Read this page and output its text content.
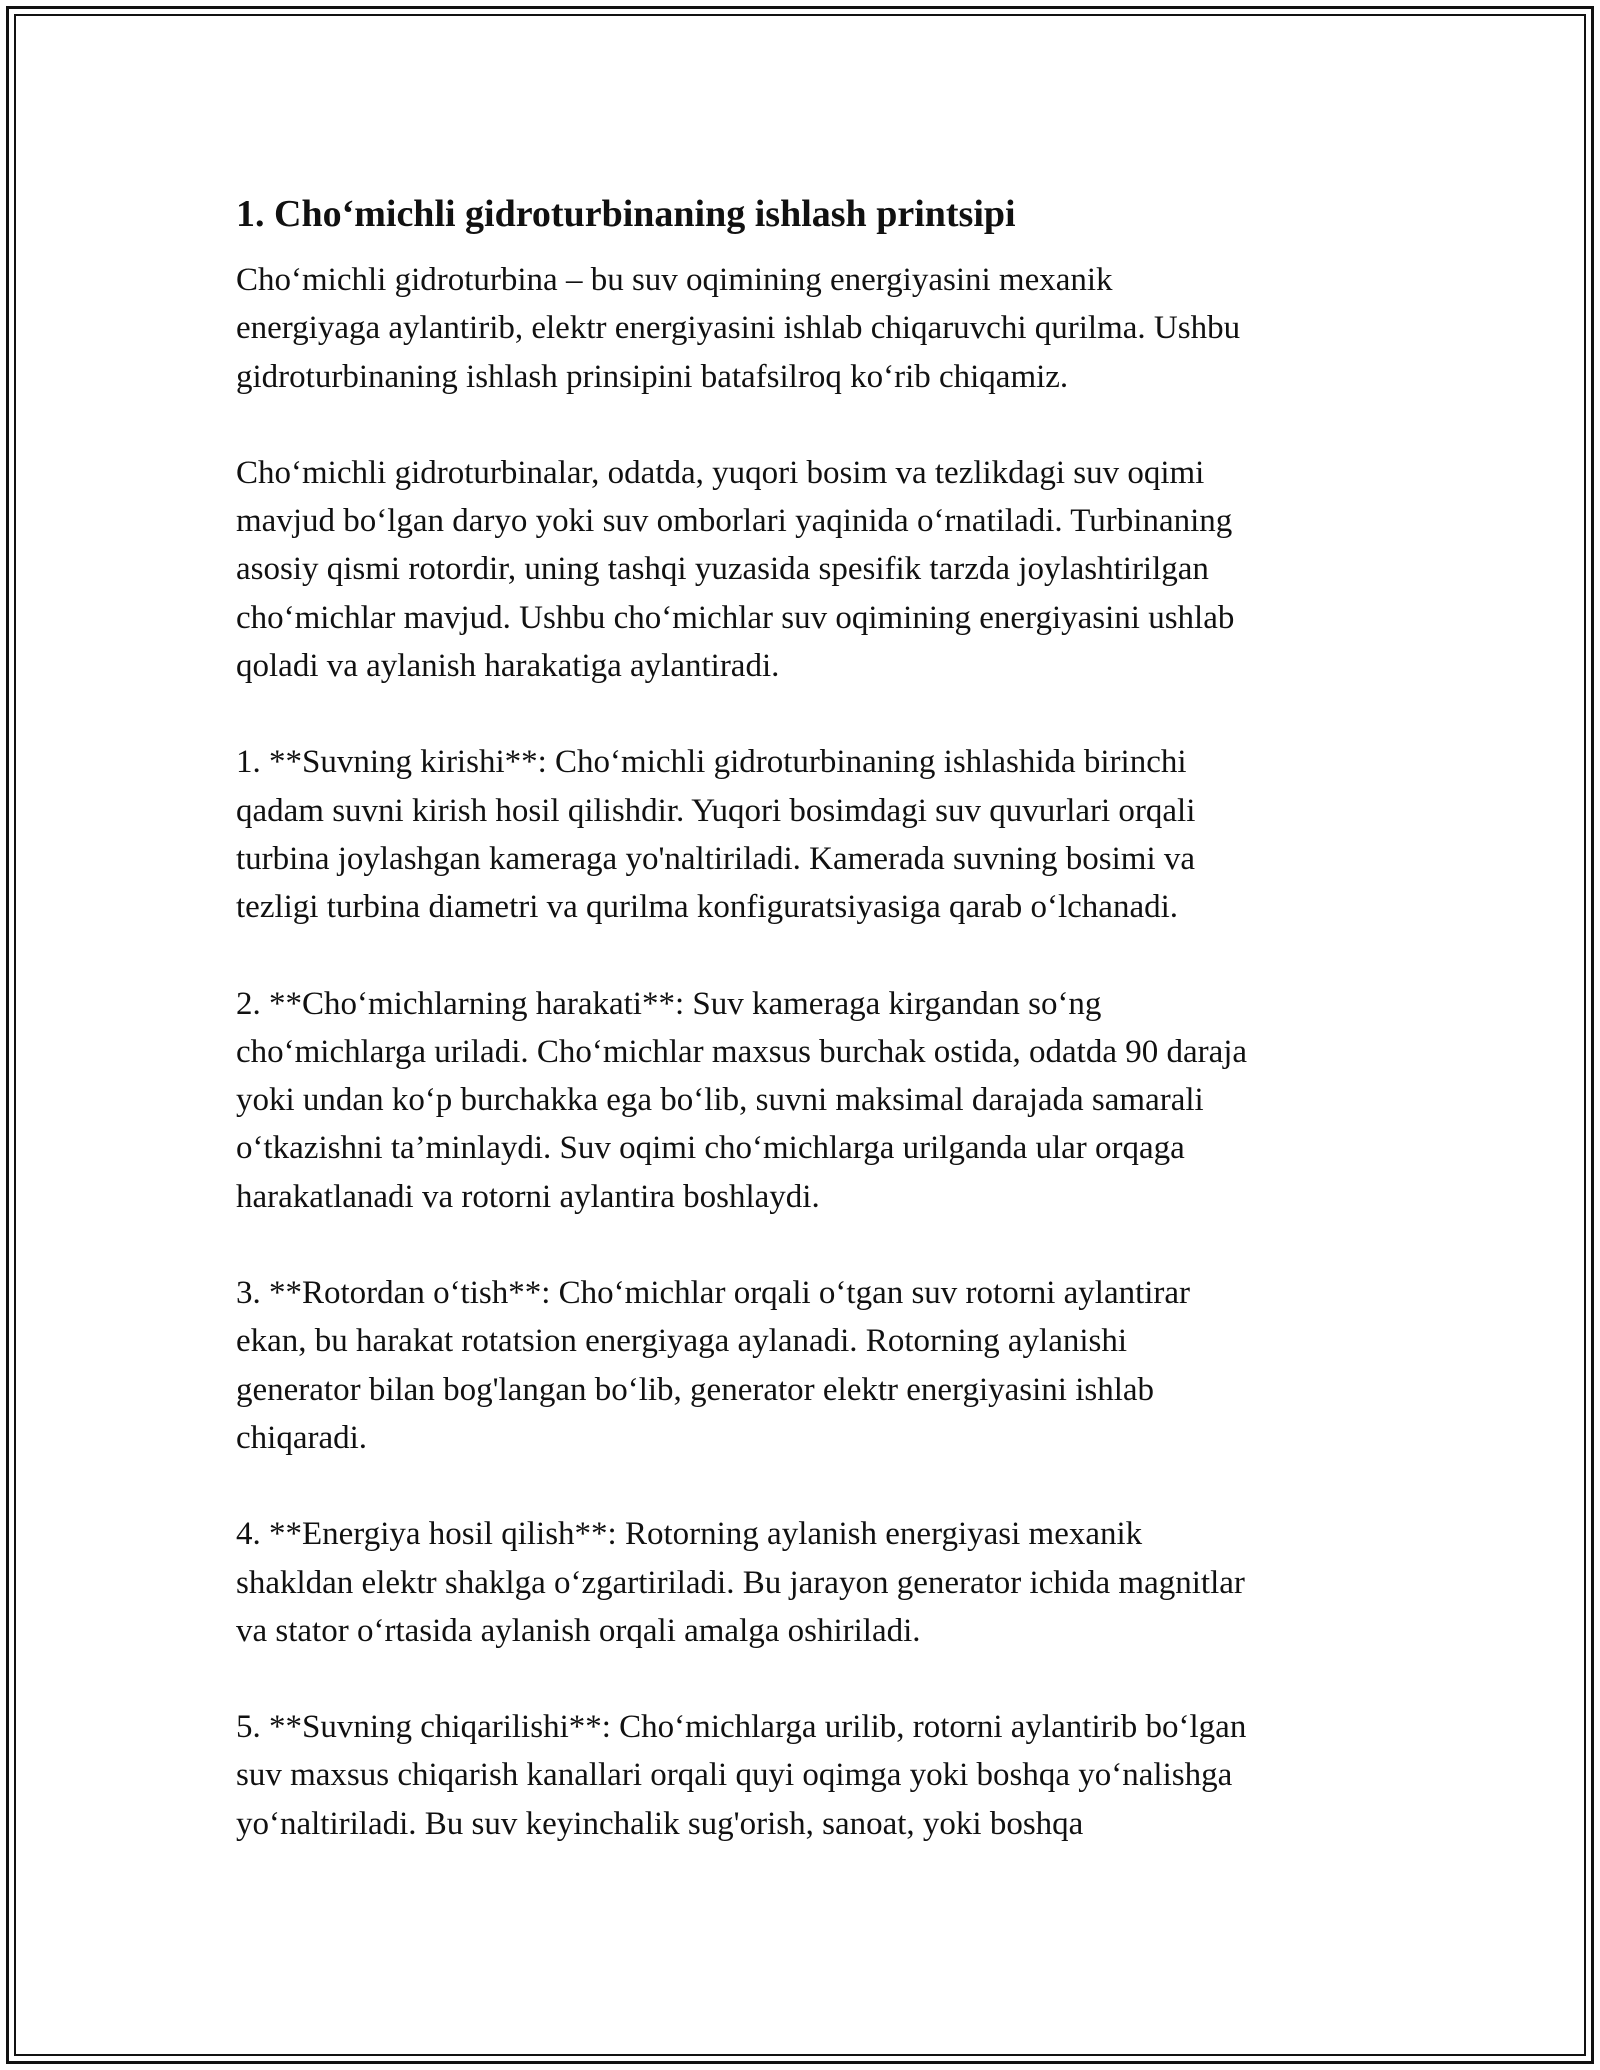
1. Cho‘michli gidroturbinaning ishlash printsipi

Cho‘michli gidroturbina – bu suv oqimining energiyasini mexanik
energiyaga aylantirib, elektr energiyasini ishlab chiqaruvchi qurilma. Ushbu
gidroturbinaning ishlash prinsipini batafsilroq ko‘rib chiqamiz.

Cho‘michli gidroturbinalar, odatda, yuqori bosim va tezlikdagi suv oqimi
mavjud bo‘lgan daryo yoki suv omborlari yaqinida o‘rnatiladi. Turbinaning
asosiy qismi rotordir, uning tashqi yuzasida spesifik tarzda joylashtirilgan
cho‘michlar mavjud. Ushbu cho‘michlar suv oqimining energiyasini ushlab
qoladi va aylanish harakatiga aylantiradi.

1. **Suvning kirishi**: Cho‘michli gidroturbinaning ishlashida birinchi
qadam suvni kirish hosil qilishdir. Yuqori bosimdagi suv quvurlari orqali
turbina joylashgan kameraga yo'naltiriladi. Kamerada suvning bosimi va
tezligi turbina diametri va qurilma konfiguratsiyasiga qarab o‘lchanadi.

2. **Cho‘michlarning harakati**: Suv kameraga kirgandan so‘ng
cho‘michlarga uriladi. Cho‘michlar maxsus burchak ostida, odatda 90 daraja
yoki undan ko‘p burchakka ega bo‘lib, suvni maksimal darajada samarali
o‘tkazishni ta’minlaydi. Suv oqimi cho‘michlarga urilganda ular orqaga
harakatlanadi va rotorni aylantira boshlaydi.

3. **Rotordan o‘tish**: Cho‘michlar orqali o‘tgan suv rotorni aylantirar
ekan, bu harakat rotatsion energiyaga aylanadi. Rotorning aylanishi
generator bilan bog'langan bo‘lib, generator elektr energiyasini ishlab
chiqaradi.

4. **Energiya hosil qilish**: Rotorning aylanish energiyasi mexanik
shakldan elektr shaklga o‘zgartiriladi. Bu jarayon generator ichida magnitlar
va stator o‘rtasida aylanish orqali amalga oshiriladi.

5. **Suvning chiqarilishi**: Cho‘michlarga urilib, rotorni aylantirib bo‘lgan
suv maxsus chiqarish kanallari orqali quyi oqimga yoki boshqa yo‘nalishga
yo‘naltiriladi. Bu suv keyinchalik sug'orish, sanoat, yoki boshqa
